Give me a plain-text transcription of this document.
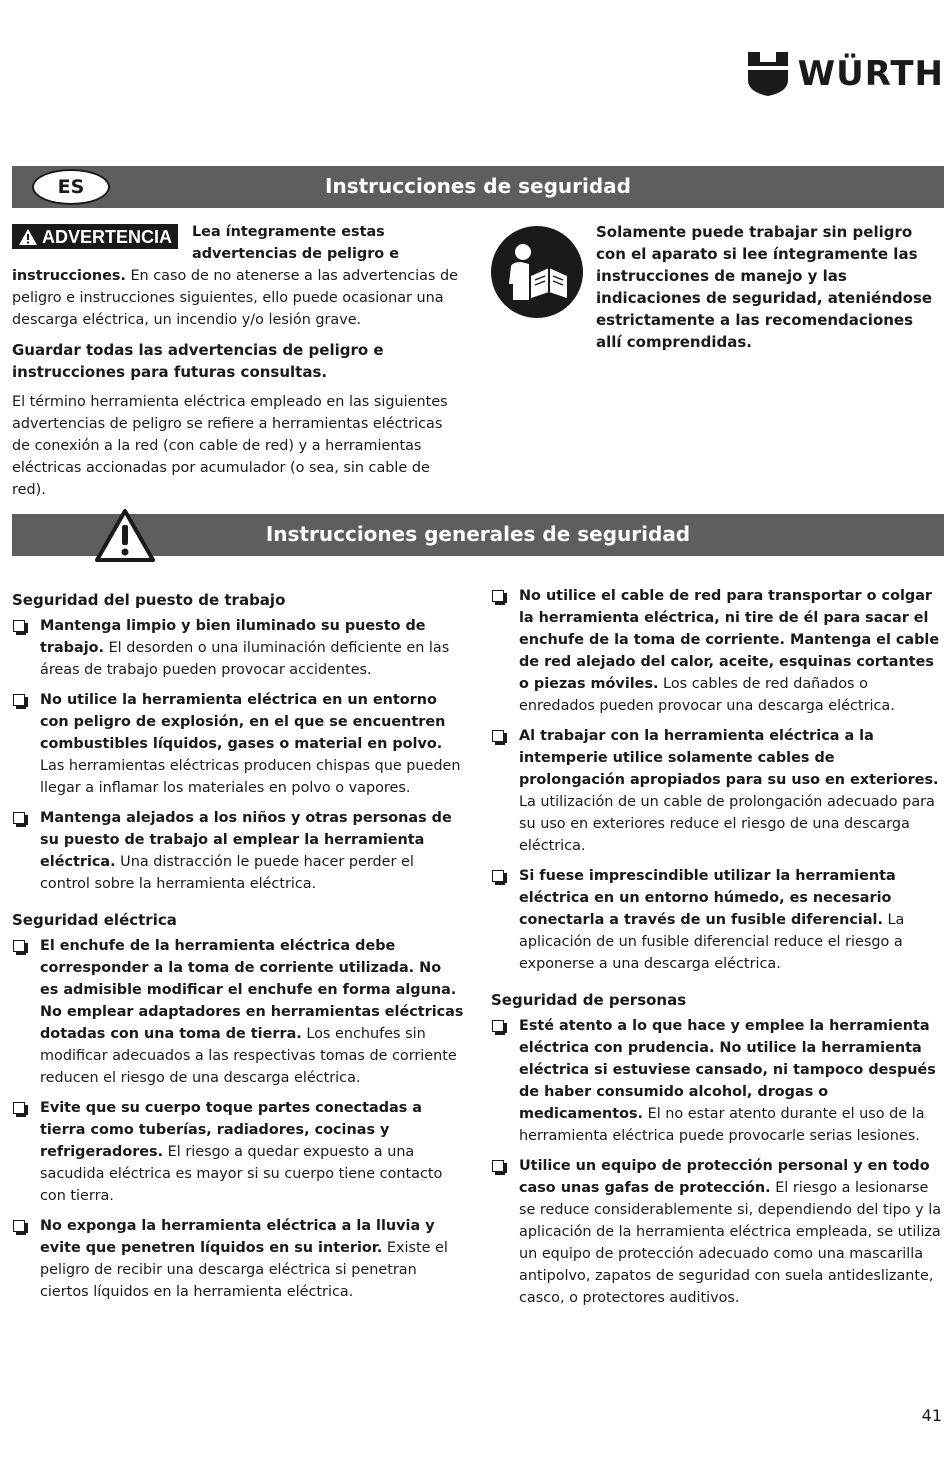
WÜRTH
ES	Instrucciones de seguridad
ADVERTENCIA	Lea íntegramente estas advertencias de peligro e instrucciones. En caso de no atenerse a las advertencias de peligro e instrucciones siguientes, ello puede ocasionar una descarga eléctrica, un incendio y/o lesión grave.

Guardar todas las advertencias de peligro e instrucciones para futuras consultas.

El término herramienta eléctrica empleado en las siguientes advertencias de peligro se refiere a herramientas eléctricas de conexión a la red (con cable de red) y a herramientas eléctricas accionadas por acumulador (o sea, sin cable de red).

Solamente puede trabajar sin peligro con el aparato si lee íntegramente las instrucciones de manejo y las indicaciones de seguridad, ateniéndose estrictamente a las recomendaciones allí comprendidas.

Instrucciones generales de seguridad
Seguridad del puesto de trabajo
Mantenga limpio y bien iluminado su puesto de trabajo. El desorden o una iluminación deficiente en las áreas de trabajo pueden provocar accidentes.
No utilice la herramienta eléctrica en un entorno con peligro de explosión, en el que se encuentren combustibles líquidos, gases o material en polvo. Las herramientas eléctricas producen chispas que pueden llegar a inflamar los materiales en polvo o vapores.
Mantenga alejados a los niños y otras personas de su puesto de trabajo al emplear la herramienta eléctrica. Una distracción le puede hacer perder el control sobre la herramienta eléctrica.
Seguridad eléctrica
El enchufe de la herramienta eléctrica debe corresponder a la toma de corriente utilizada. No es admisible modificar el enchufe en forma alguna. No emplear adaptadores en herramientas eléctricas dotadas con una toma de tierra. Los enchufes sin modificar adecuados a las respectivas tomas de corriente reducen el riesgo de una descarga eléctrica.
Evite que su cuerpo toque partes conectadas a tierra como tuberías, radiadores, cocinas y refrigeradores. El riesgo a quedar expuesto a una sacudida eléctrica es mayor si su cuerpo tiene contacto con tierra.
No exponga la herramienta eléctrica a la lluvia y evite que penetren líquidos en su interior. Existe el peligro de recibir una descarga eléctrica si penetran ciertos líquidos en la herramienta eléctrica.
No utilice el cable de red para transportar o colgar la herramienta eléctrica, ni tire de él para sacar el enchufe de la toma de corriente. Mantenga el cable de red alejado del calor, aceite, esquinas cortantes o piezas móviles. Los cables de red dañados o enredados pueden provocar una descarga eléctrica.
Al trabajar con la herramienta eléctrica a la intemperie utilice solamente cables de prolongación apropiados para su uso en exteriores. La utilización de un cable de prolongación adecuado para su uso en exteriores reduce el riesgo de una descarga eléctrica.
Si fuese imprescindible utilizar la herramienta eléctrica en un entorno húmedo, es necesario conectarla a través de un fusible diferencial. La aplicación de un fusible diferencial reduce el riesgo a exponerse a una descarga eléctrica.
Seguridad de personas
Esté atento a lo que hace y emplee la herramienta eléctrica con prudencia. No utilice la herramienta eléctrica si estuviese cansado, ni tampoco después de haber consumido alcohol, drogas o medicamentos. El no estar atento durante el uso de la herramienta eléctrica puede provocarle serias lesiones.
Utilice un equipo de protección personal y en todo caso unas gafas de protección. El riesgo a lesionarse se reduce considerablemente si, dependiendo del tipo y la aplicación de la herramienta eléctrica empleada, se utiliza un equipo de protección adecuado como una mascarilla antipolvo, zapatos de seguridad con suela antideslizante, casco, o protectores auditivos.
41
